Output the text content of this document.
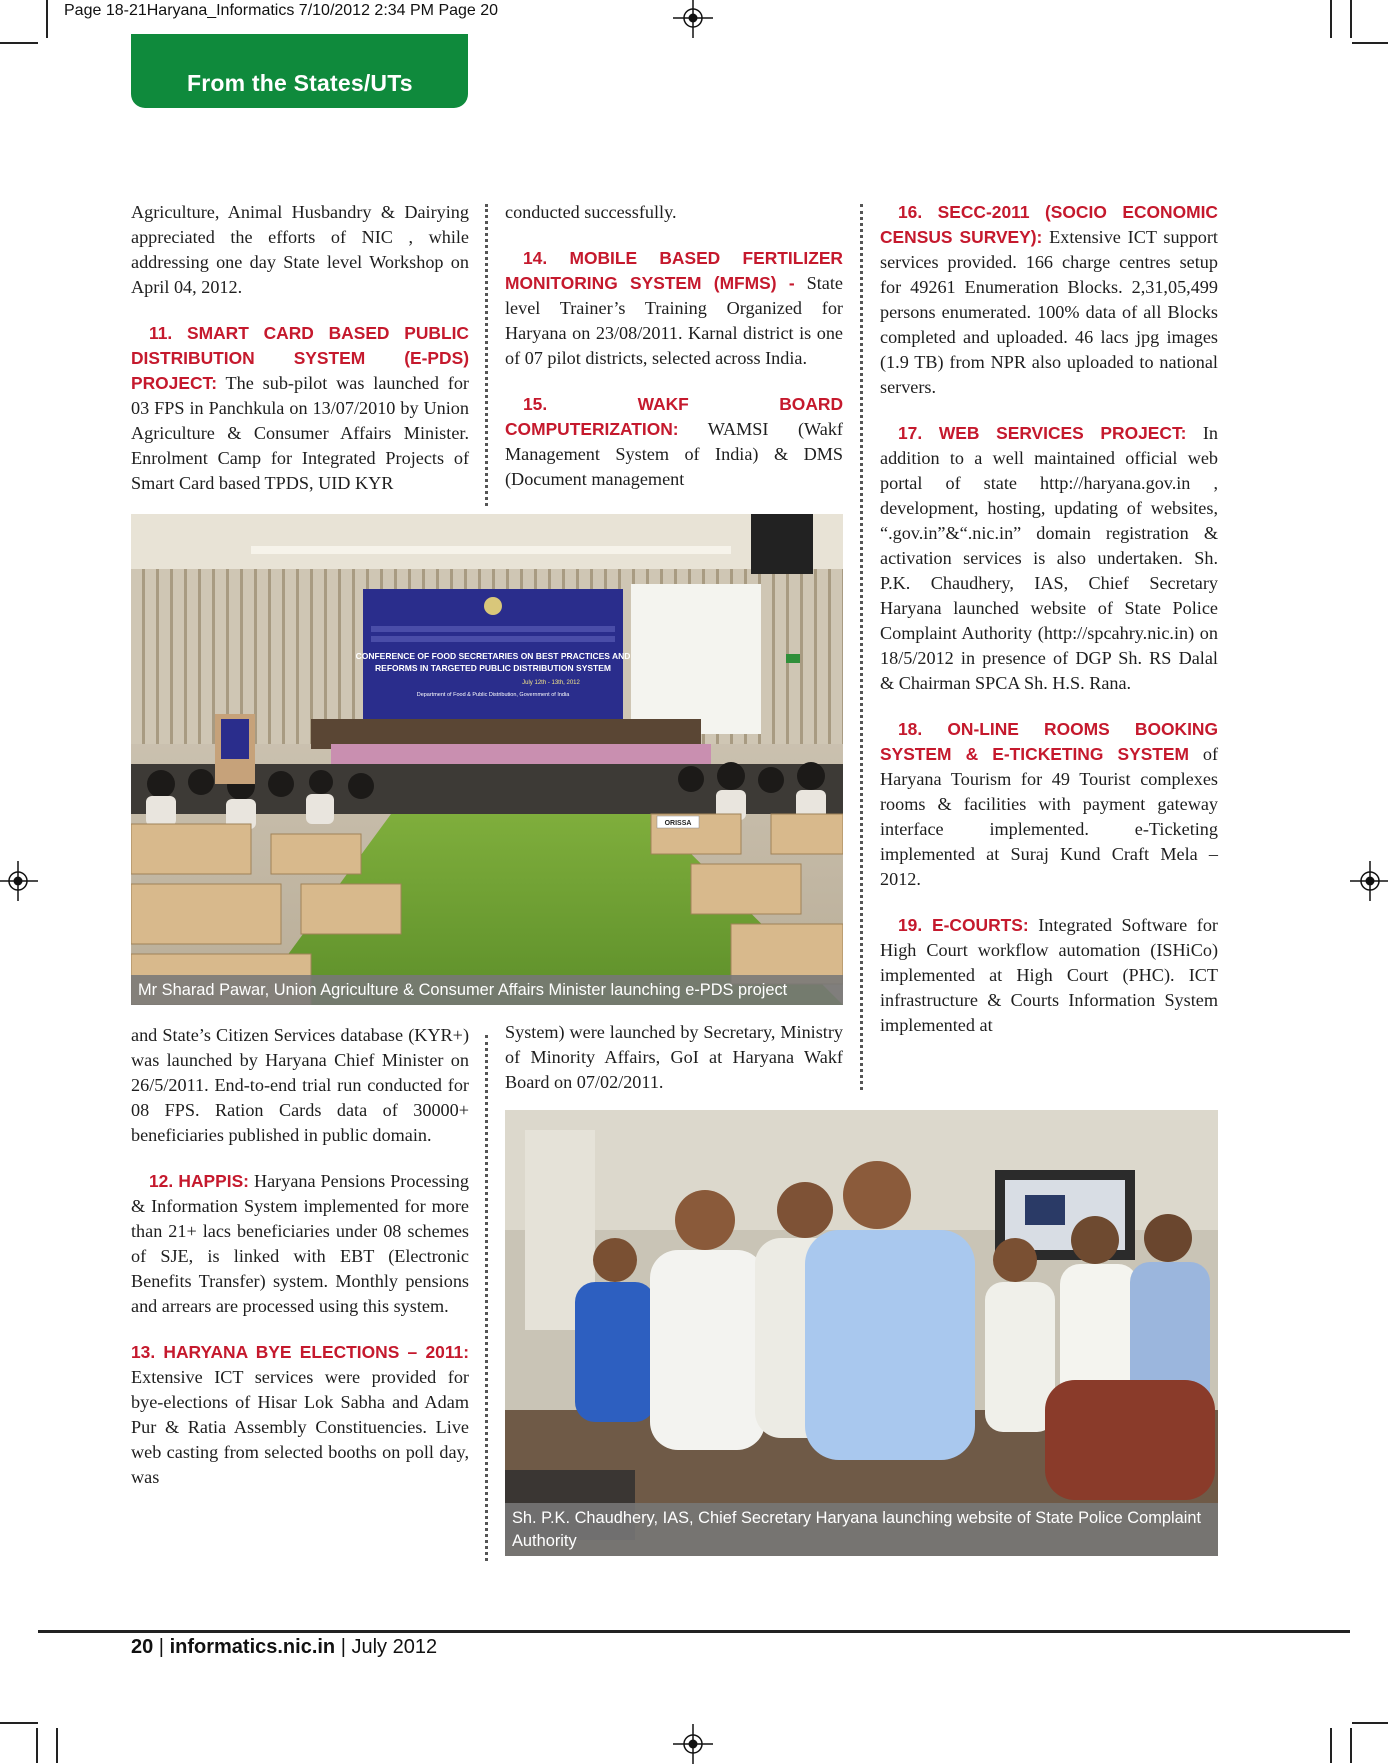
Page 18-21Haryana_Informatics 7/10/2012 2:34 PM Page 20
From the States/UTs

Agriculture, Animal Husbandry & Dairying appreciated the efforts of NIC , while addressing one day State level Workshop on April 04, 2012.

11. SMART CARD BASED PUBLIC DISTRIBUTION SYSTEM (E-PDS) PROJECT: The sub-pilot was launched for 03 FPS in Panchkula on 13/07/2010 by Union Agriculture & Consumer Affairs Minister. Enrolment Camp for Integrated Projects of Smart Card based TPDS, UID KYR

conducted successfully.

14. MOBILE BASED FERTILIZER MONITORING SYSTEM (MFMS) - State level Trainer’s Training Organized for Haryana on 23/08/2011. Karnal district is one of 07 pilot districts, selected across India.

15. WAKF BOARD COMPUTERIZATION: WAMSI (Wakf Management System of India) & DMS (Document management

16. SECC-2011 (SOCIO ECONOMIC CENSUS SURVEY): Extensive ICT support services provided. 166 charge centres setup for 49261 Enumeration Blocks. 2,31,05,499 persons enumerated. 100% data of all Blocks completed and uploaded. 46 lacs jpg images (1.9 TB) from NPR also uploaded to national servers.

17. WEB SERVICES PROJECT: In addition to a well maintained official web portal of state http://haryana.gov.in , development, hosting, updating of websites, “.gov.in”&“.nic.in” domain registration & activation services is also undertaken. Sh. P.K. Chaudhery, IAS, Chief Secretary Haryana launched website of State Police Complaint Authority (http://spcahry.nic.in) on 18/5/2012 in presence of DGP Sh. RS Dalal & Chairman SPCA Sh. H.S. Rana.

18. ON-LINE ROOMS BOOKING SYSTEM & E-TICKETING SYSTEM of Haryana Tourism for 49 Tourist complexes rooms & facilities with payment gateway interface implemented. e-Ticketing implemented at Suraj Kund Craft Mela – 2012.

19. E-COURTS: Integrated Software for High Court workflow automation (ISHiCo) implemented at High Court (PHC). ICT infrastructure & Courts Information System implemented at

CONFERENCE OF FOOD SECRETARIES ON BEST PRACTICES AND
REFORMS IN TARGETED PUBLIC DISTRIBUTION SYSTEM
July 12th - 13th, 2012
Department of Food & Public Distribution, Government of India
ORISSA
Mr Sharad Pawar, Union Agriculture & Consumer Affairs Minister launching e-PDS project

and State’s Citizen Services database (KYR+) was launched by Haryana Chief Minister on 26/5/2011. End-to-end trial run conducted for 08 FPS. Ration Cards data of 30000+ beneficiaries published in public domain.

12. HAPPIS: Haryana Pensions Processing & Information System implemented for more than 21+ lacs beneficiaries under 08 schemes of SJE, is linked with EBT (Electronic Benefits Transfer) system. Monthly pensions and arrears are processed using this system.

13. HARYANA BYE ELECTIONS – 2011: Extensive ICT services were provided for bye-elections of Hisar Lok Sabha and Adam Pur & Ratia Assembly Constituencies. Live web casting from selected booths on poll day, was

System) were launched by Secretary, Ministry of Minority Affairs, GoI at Haryana Wakf Board on 07/02/2011.

Sh. P.K. Chaudhery, IAS, Chief Secretary Haryana launching website of State Police Complaint Authority
20 | informatics.nic.in | July 2012
